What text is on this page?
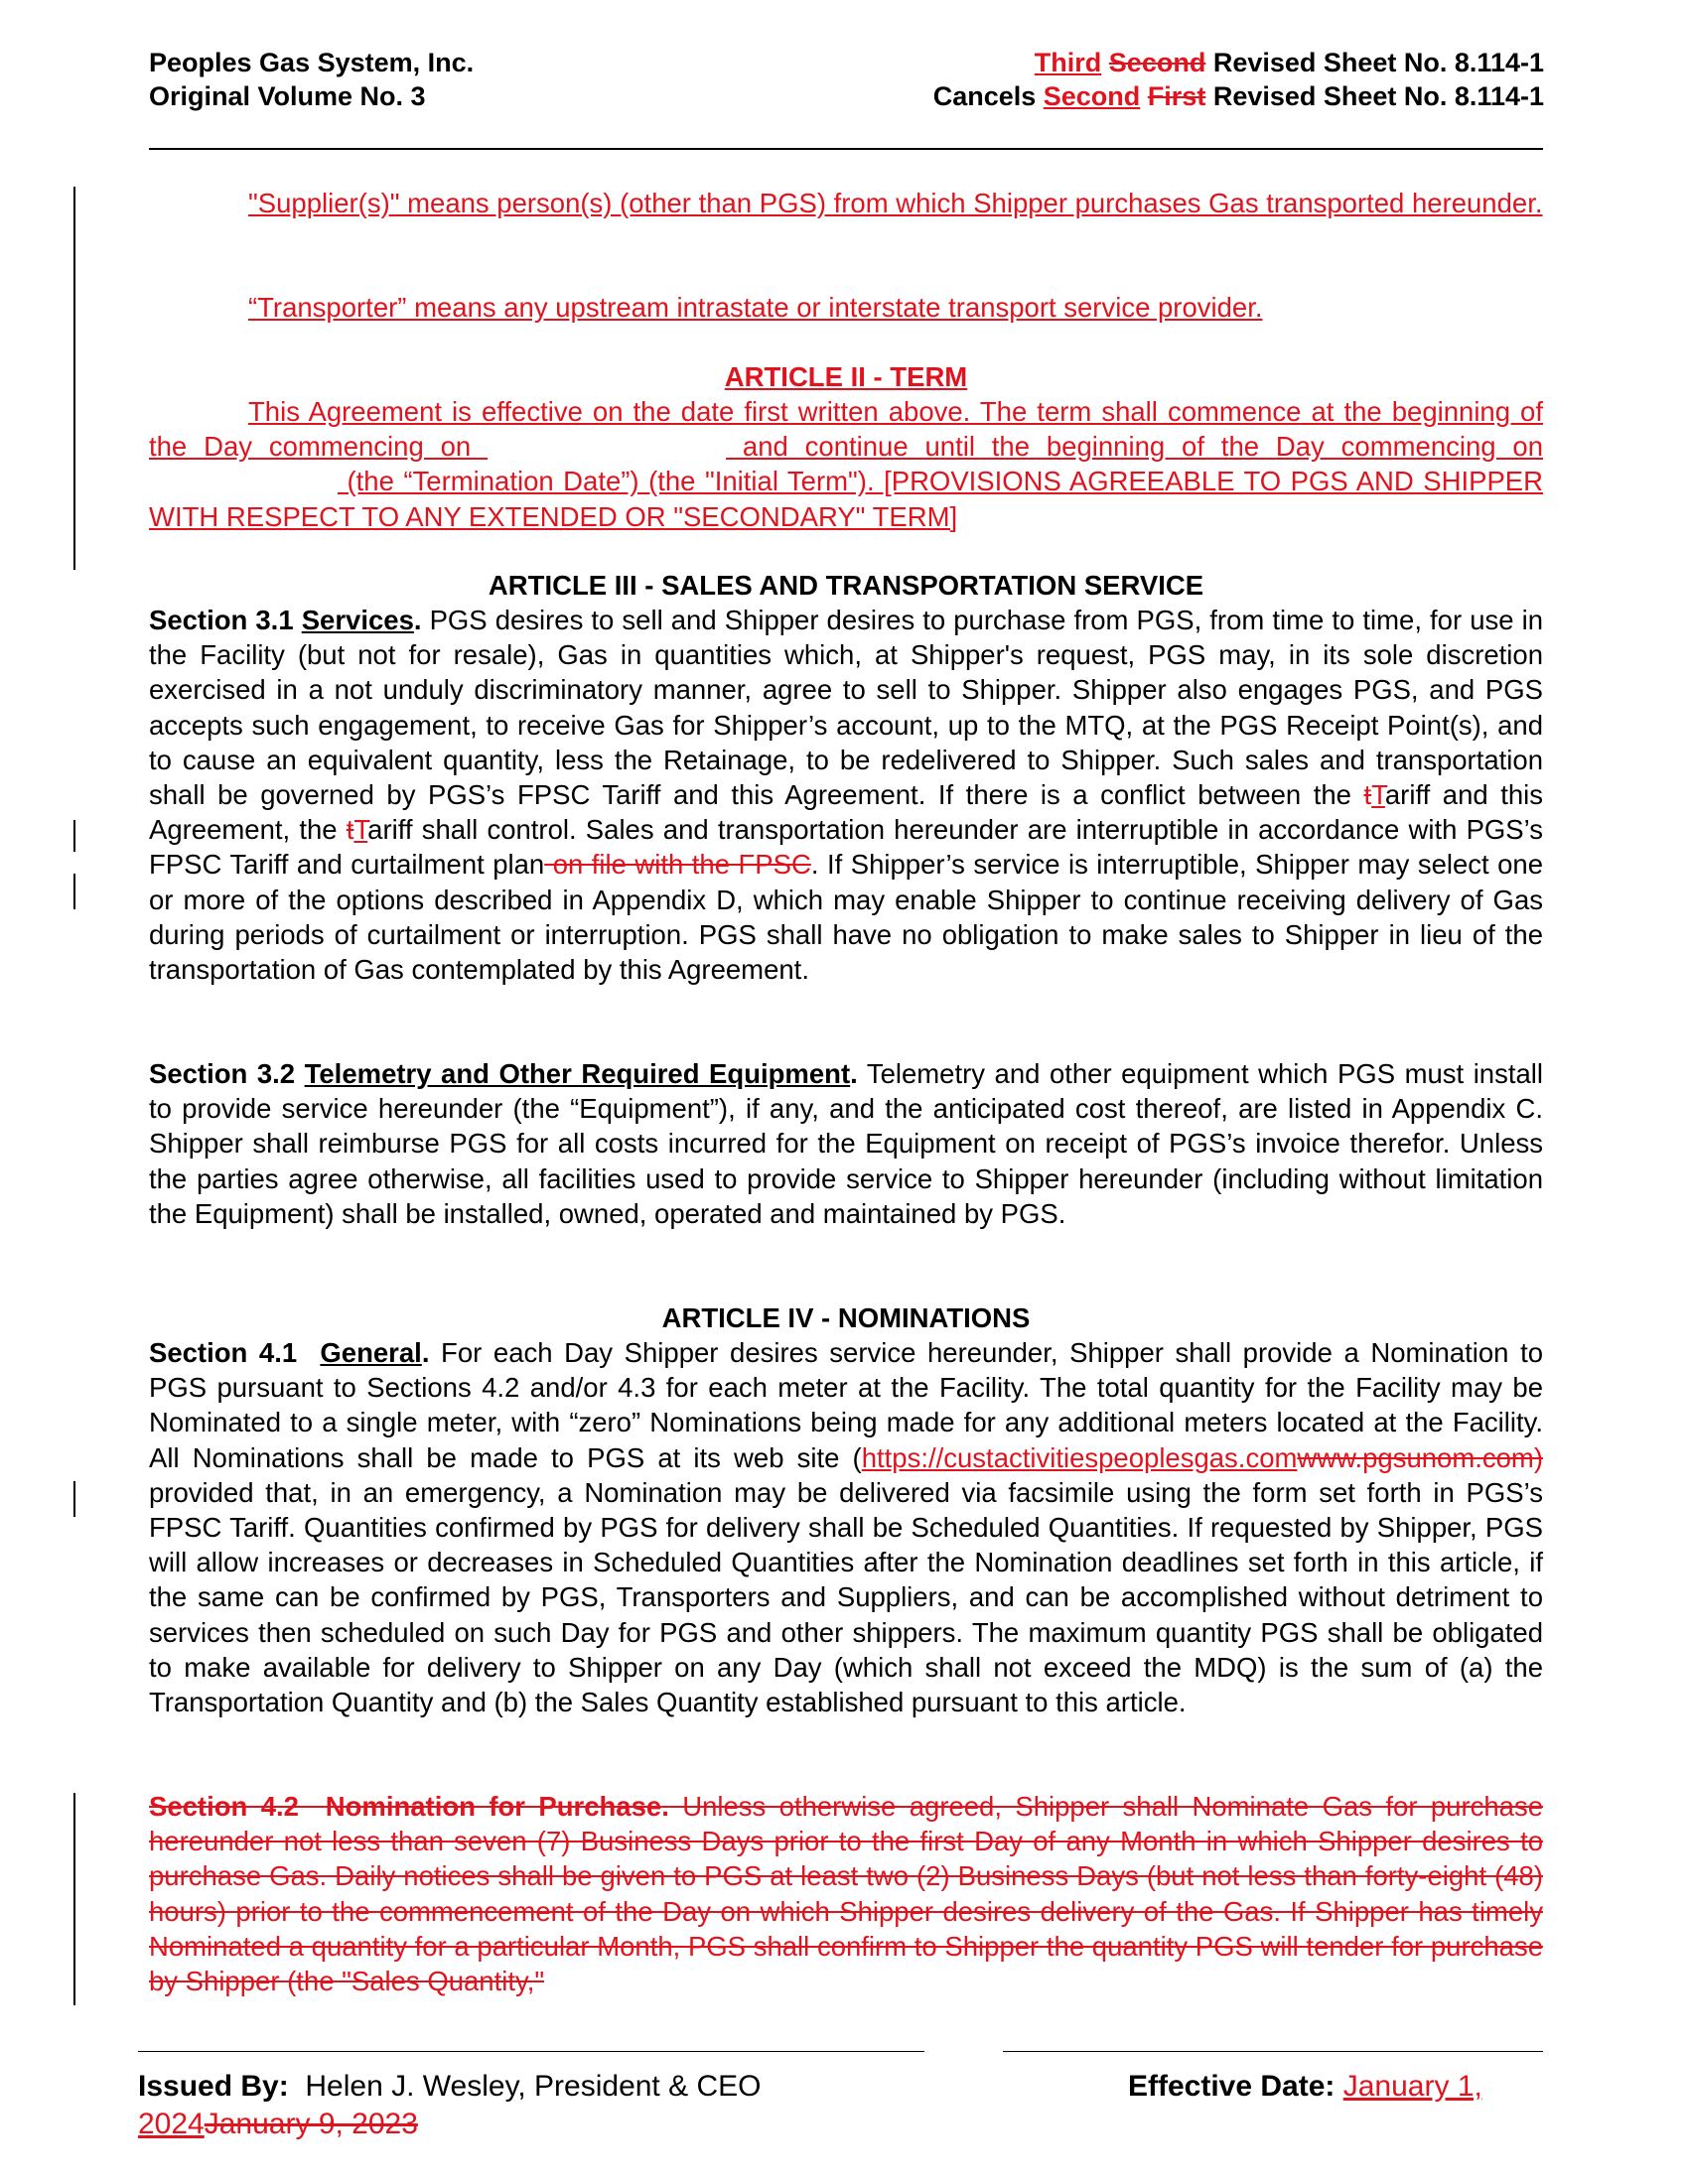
Peoples Gas System, Inc.
Original Volume No. 3
Third Second Revised Sheet No. 8.114-1
Cancels Second First Revised Sheet No. 8.114-1

"Supplier(s)" means person(s) (other than PGS) from which Shipper purchases Gas transported hereunder.

“Transporter” means any upstream intrastate or interstate transport service provider.

ARTICLE II - TERM

This Agreement is effective on the date first written above. The term shall commence at the beginning of the Day commencing on	and continue until the beginning of the Day commencing on  (the “Termination Date”) (the "Initial Term"). [PROVISIONS AGREEABLE TO PGS AND SHIPPER WITH RESPECT TO ANY EXTENDED OR "SECONDARY" TERM]

ARTICLE III - SALES AND TRANSPORTATION SERVICE

Section 3.1 Services. PGS desires to sell and Shipper desires to purchase from PGS, from time to time, for use in the Facility (but not for resale), Gas in quantities which, at Shipper's request, PGS may, in its sole discretion exercised in a not unduly discriminatory manner, agree to sell to Shipper. Shipper also engages PGS, and PGS accepts such engagement, to receive Gas for Shipper’s account, up to the MTQ, at the PGS Receipt Point(s), and to cause an equivalent quantity, less the Retainage, to be redelivered to Shipper. Such sales and transportation shall be governed by PGS’s FPSC Tariff and this Agreement. If there is a conflict between the tTariff and this Agreement, the tTariff shall control. Sales and transportation hereunder are interruptible in accordance with PGS’s FPSC Tariff and curtailment plan on file with the FPSC. If Shipper’s service is interruptible, Shipper may select one or more of the options described in Appendix D, which may enable Shipper to continue receiving delivery of Gas during periods of curtailment or interruption. PGS shall have no obligation to make sales to Shipper in lieu of the transportation of Gas contemplated by this Agreement.

Section 3.2 Telemetry and Other Required Equipment. Telemetry and other equipment which PGS must install to provide service hereunder (the “Equipment”), if any, and the anticipated cost thereof, are listed in Appendix C. Shipper shall reimburse PGS for all costs incurred for the Equipment on receipt of PGS’s invoice therefor. Unless the parties agree otherwise, all facilities used to provide service to Shipper hereunder (including without limitation the Equipment) shall be installed, owned, operated and maintained by PGS.

ARTICLE IV - NOMINATIONS

Section 4.1 General. For each Day Shipper desires service hereunder, Shipper shall provide a Nomination to PGS pursuant to Sections 4.2 and/or 4.3 for each meter at the Facility. The total quantity for the Facility may be Nominated to a single meter, with “zero” Nominations being made for any additional meters located at the Facility. All Nominations shall be made to PGS at its web site (https://custactivitiespeoplesgas.comwww.pgsunom.com) provided that, in an emergency, a Nomination may be delivered via facsimile using the form set forth in PGS’s FPSC Tariff. Quantities confirmed by PGS for delivery shall be Scheduled Quantities. If requested by Shipper, PGS will allow increases or decreases in Scheduled Quantities after the Nomination deadlines set forth in this article, if the same can be confirmed by PGS, Transporters and Suppliers, and can be accomplished without detriment to services then scheduled on such Day for PGS and other shippers. The maximum quantity PGS shall be obligated to make available for delivery to Shipper on any Day (which shall not exceed the MDQ) is the sum of (a) the Transportation Quantity and (b) the Sales Quantity established pursuant to this article.

Section 4.2 Nomination for Purchase. Unless otherwise agreed, Shipper shall Nominate Gas for purchase hereunder not less than seven (7) Business Days prior to the first Day of any Month in which Shipper desires to purchase Gas. Daily notices shall be given to PGS at least two (2) Business Days (but not less than forty-eight (48) hours) prior to the commencement of the Day on which Shipper desires delivery of the Gas. If Shipper has timely Nominated a quantity for a particular Month, PGS shall confirm to Shipper the quantity PGS will tender for purchase by Shipper (the "Sales Quantity,"

Issued By:  Helen J. Wesley, President & CEO	Effective Date: January 1,
2024January 9, 2023
